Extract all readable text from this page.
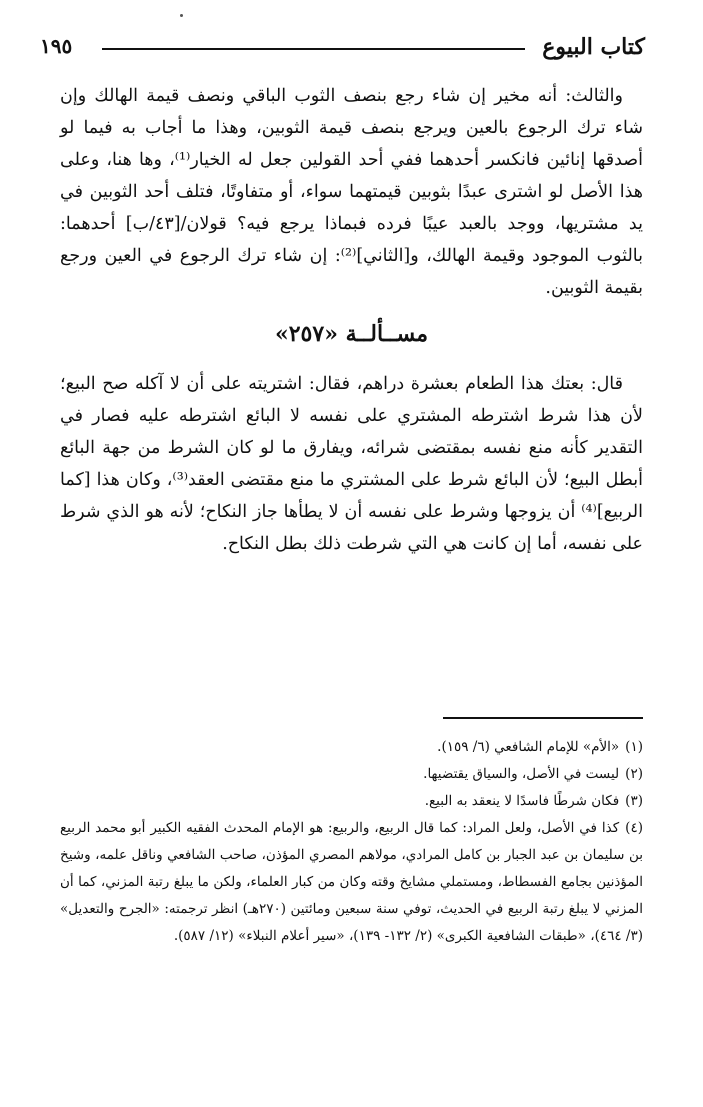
١٩٥	كتاب البيوع

والثالث: أنه مخير إن شاء رجع بنصف الثوب الباقي ونصف قيمة الهالك وإن شاء ترك الرجوع بالعين ويرجع بنصف قيمة الثوبين، وهذا ما أجاب به فيما لو أصدقها إنائين فانكسر أحدهما ففي أحد القولين جعل له الخيار⁽¹⁾، وها هنا، وعلى هذا الأصل لو اشترى عبدًا بثوبين قيمتهما سواء، أو متفاوتًا، فتلف أحد الثوبين في يد مشتريها، ووجد بالعبد عيبًا فرده فبماذا يرجع فيه؟ قولان/[٤٣/ب] أحدهما: بالثوب الموجود وقيمة الهالك، و[الثاني]⁽²⁾: إن شاء ترك الرجوع في العين ورجع بقيمة الثوبين.

مســألــة «٢٥٧»

قال: بعتك هذا الطعام بعشرة دراهم، فقال: اشتريته على أن لا آكله صح البيع؛ لأن هذا شرط اشترطه المشتري على نفسه لا البائع اشترطه عليه فصار في التقدير كأنه منع نفسه بمقتضى شرائه، ويفارق ما لو كان الشرط من جهة البائع أبطل البيع؛ لأن البائع شرط على المشتري ما منع مقتضى العقد⁽³⁾، وكان هذا [كما الربيع]⁽⁴⁾ أن يزوجها وشرط على نفسه أن لا يطأها جاز النكاح؛ لأنه هو الذي شرط على نفسه، أما إن كانت هي التي شرطت ذلك بطل النكاح.

(١)«الأم» للإمام الشافعي (٦/ ١٥٩).

(٢)ليست في الأصل، والسياق يقتضيها.

(٣)فكان شرطًا فاسدًا لا ينعقد به البيع.

(٤)كذا في الأصل، ولعل المراد: كما قال الربيع، والربيع: هو الإمام المحدث الفقيه الكبير أبو محمد الربيع بن سليمان بن عبد الجبار بن كامل المرادي، مولاهم المصري المؤذن، صاحب الشافعي وناقل علمه، وشيخ المؤذنين بجامع الفسطاط، ومستملي مشايخ وقته وكان من كبار العلماء، ولكن ما يبلغ رتبة المزني، كما أن المزني لا يبلغ رتبة الربيع في الحديث، توفي سنة سبعين ومائتين (٢٧٠هـ) انظر ترجمته: «الجرح والتعديل» (٣/ ٤٦٤)، «طبقات الشافعية الكبرى» (٢/ ١٣٢- ١٣٩)، «سير أعلام النبلاء» (١٢/ ٥٨٧).
